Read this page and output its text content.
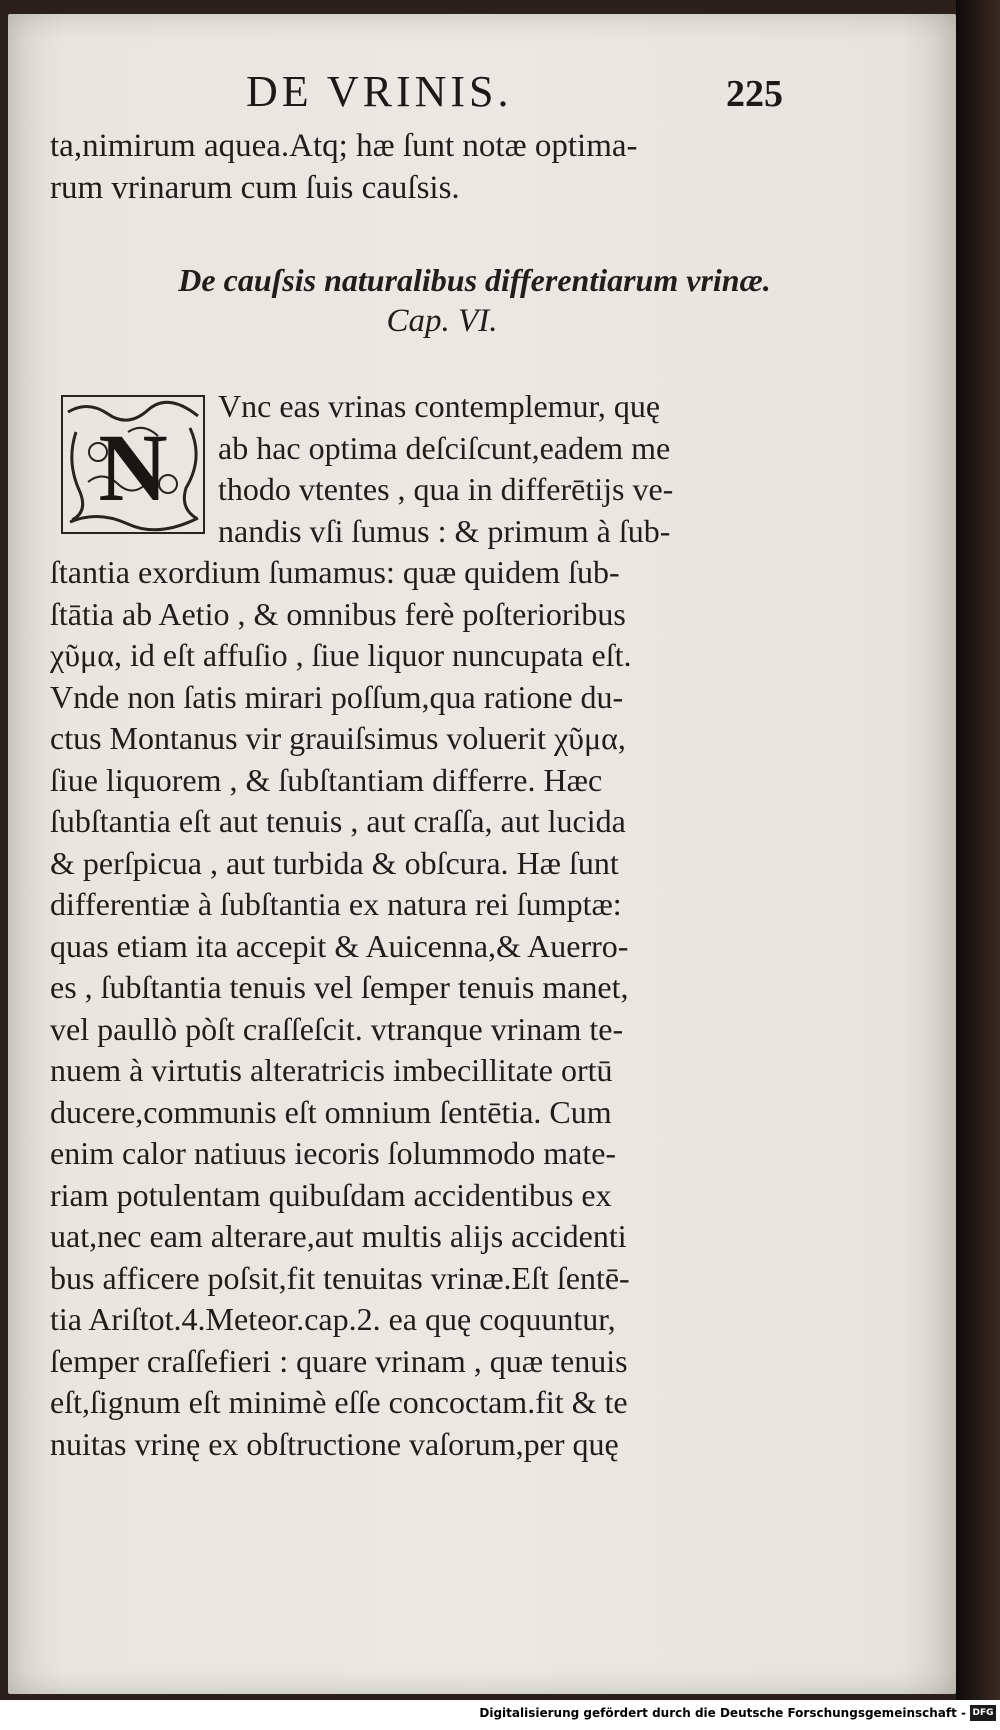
DE VRINIS.	225
ta,nimirum aquea.Atq; hæ ſunt notæ optima-
rum vrinarum cum ſuis cauſsis.
De cauſsis naturalibus differentiarum vrinæ.
Cap. VI.
N
Vnc eas vrinas contemplemur, quę
ab hac optima deſciſcunt,eadem me
thodo vtentes , qua in differētijs ve-
nandis vſi ſumus : & primum à ſub-
ſtantia exordium ſumamus: quæ quidem ſub-
ſtātia ab Aetio , & omnibus ferè poſterioribus
χῦμα, id eſt affuſio , ſiue liquor nuncupata eſt.
Vnde non ſatis mirari poſſum,qua ratione du-
ctus Montanus vir grauiſsimus voluerit χῦμα,
ſiue liquorem , & ſubſtantiam differre. Hæc
ſubſtantia eſt aut tenuis , aut craſſa, aut lucida
& perſpicua , aut turbida & obſcura. Hæ ſunt
differentiæ à ſubſtantia ex natura rei ſumptæ:
quas etiam ita accepit & Auicenna,& Auerro-
es , ſubſtantia tenuis vel ſemper tenuis manet,
vel paullò pòſt craſſeſcit. vtranque vrinam te-
nuem à virtutis alteratricis imbecillitate ortū
ducere,communis eſt omnium ſentētia. Cum
enim calor natiuus iecoris ſolummodo mate-
riam potulentam quibuſdam accidentibus ex
uat,nec eam alterare,aut multis alijs accidenti
bus afficere poſsit,fit tenuitas vrinæ.Eſt ſentē-
tia Ariſtot.4.Meteor.cap.2. ea quę coquuntur,
ſemper craſſefieri : quare vrinam , quæ tenuis
eſt,ſignum eſt minimè eſſe concoctam.fit & te
nuitas vrinę ex obſtructione vaſorum,per quę
Digitalisierung gefördert durch die Deutsche Forschungsgemeinschaft - DFG
